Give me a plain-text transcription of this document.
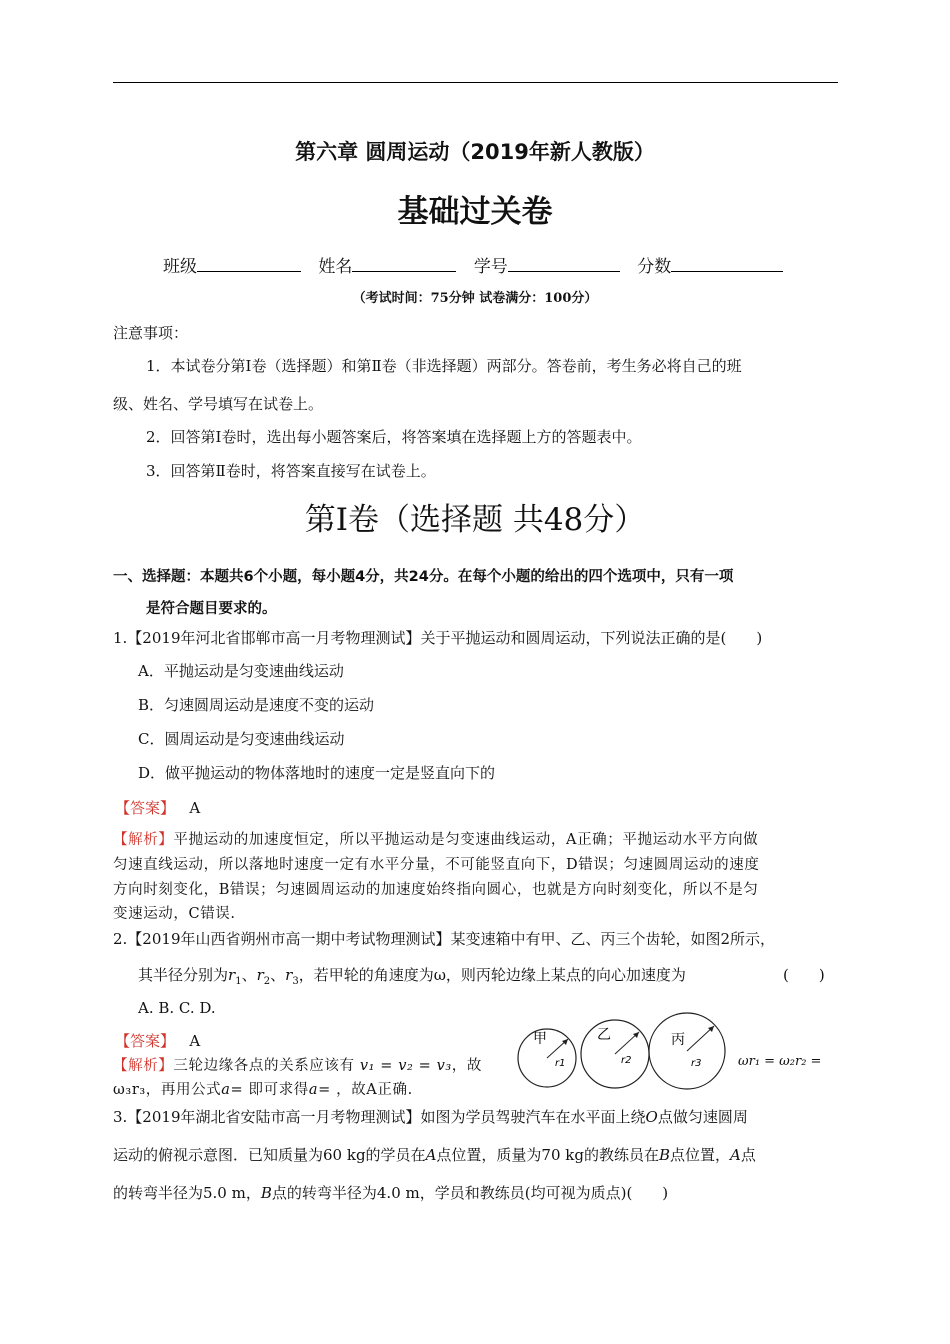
第六章 圆周运动（2019年新人教版）
基础过关卷
班级	姓名	学号	分数
（考试时间：75分钟 试卷满分：100分）
注意事项：
1．本试卷分第Ⅰ卷（选择题）和第Ⅱ卷（非选择题）两部分。答卷前，考生务必将自己的班
级、姓名、学号填写在试卷上。
2．回答第Ⅰ卷时，选出每小题答案后，将答案填在选择题上方的答题表中。
3．回答第Ⅱ卷时，将答案直接写在试卷上。
第Ⅰ卷（选择题 共48分）
一、选择题：本题共6个小题，每小题4分，共24分。在每个小题的给出的四个选项中，只有一项
是符合题目要求的。
1.【2019年河北省邯郸市高一月考物理测试】关于平抛运动和圆周运动，下列说法正确的是(　　)
A．平抛运动是匀变速曲线运动
B．匀速圆周运动是速度不变的运动
C．圆周运动是匀变速曲线运动
D．做平抛运动的物体落地时的速度一定是竖直向下的
【答案】 A
【解析】平抛运动的加速度恒定，所以平抛运动是匀变速曲线运动，A正确；平抛运动水平方向做
匀速直线运动，所以落地时速度一定有水平分量，不可能竖直向下，D错误；匀速圆周运动的速度
方向时刻变化，B错误；匀速圆周运动的加速度始终指向圆心，也就是方向时刻变化，所以不是匀
变速运动，C错误.
2.【2019年山西省朔州市高一期中考试物理测试】某变速箱中有甲、乙、丙三个齿轮，如图2所示，
其半径分别为$r_1$、$r_2$、$r_3$，若甲轮的角速度为ω，则丙轮边缘上某点的向心加速度为	(　　)
A. B. C. D.
【答案】 A
【解析】三轮边缘各点的关系应该有 v₁ = v₂ = v₃，故	ωr₁ = ω₂r₂ =
ω₃r₃，再用公式a= 即可求得a= ，故A正确.
甲	乙	丙
r1	r2	r3
3.【2019年湖北省安陆市高一月考物理测试】如图为学员驾驶汽车在水平面上绕O点做匀速圆周
运动的俯视示意图．已知质量为60 kg的学员在A点位置，质量为70 kg的教练员在B点位置，A点
的转弯半径为5.0 m，B点的转弯半径为4.0 m，学员和教练员(均可视为质点)(　　)
